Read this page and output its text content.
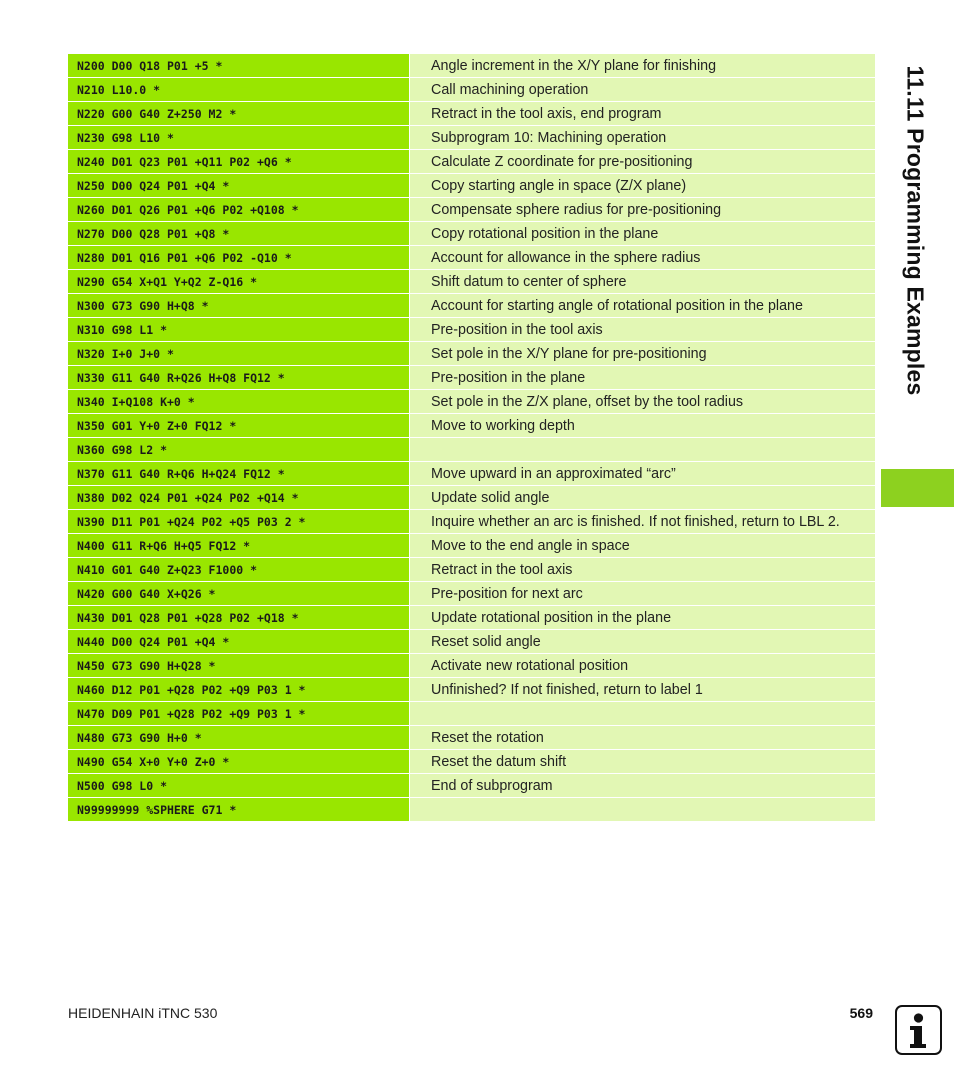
N200 D00 Q18 P01 +5 *	Angle increment in the X/Y plane for finishing
N210 L10.0 *	Call machining operation
N220 G00 G40 Z+250 M2 *	Retract in the tool axis, end program
N230 G98 L10 *	Subprogram 10: Machining operation
N240 D01 Q23 P01 +Q11 P02 +Q6 *	Calculate Z coordinate for pre-positioning
N250 D00 Q24 P01 +Q4 *	Copy starting angle in space (Z/X plane)
N260 D01 Q26 P01 +Q6 P02 +Q108 *	Compensate sphere radius for pre-positioning
N270 D00 Q28 P01 +Q8 *	Copy rotational position in the plane
N280 D01 Q16 P01 +Q6 P02 -Q10 *	Account for allowance in the sphere radius
N290 G54 X+Q1 Y+Q2 Z-Q16 *	Shift datum to center of sphere
N300 G73 G90 H+Q8 *	Account for starting angle of rotational position in the plane
N310 G98 L1 *	Pre-position in the tool axis
N320 I+0 J+0 *	Set pole in the X/Y plane for pre-positioning
N330 G11 G40 R+Q26 H+Q8 FQ12 *	Pre-position in the plane
N340 I+Q108 K+0 *	Set pole in the Z/X plane, offset by the tool radius
N350 G01 Y+0 Z+0 FQ12 *	Move to working depth
N360 G98 L2 *
N370 G11 G40 R+Q6 H+Q24 FQ12 *	Move upward in an approximated “arc”
N380 D02 Q24 P01 +Q24 P02 +Q14 *	Update solid angle
N390 D11 P01 +Q24 P02 +Q5 P03 2 *	Inquire whether an arc is finished. If not finished, return to LBL 2.
N400 G11 R+Q6 H+Q5 FQ12 *	Move to the end angle in space
N410 G01 G40 Z+Q23 F1000 *	Retract in the tool axis
N420 G00 G40 X+Q26 *	Pre-position for next arc
N430 D01 Q28 P01 +Q28 P02 +Q18 *	Update rotational position in the plane
N440 D00 Q24 P01 +Q4 *	Reset solid angle
N450 G73 G90 H+Q28 *	Activate new rotational position
N460 D12 P01 +Q28 P02 +Q9 P03 1 *	Unfinished? If not finished, return to label 1
N470 D09 P01 +Q28 P02 +Q9 P03 1 *
N480 G73 G90 H+0 *	Reset the rotation
N490 G54 X+0 Y+0 Z+0 *	Reset the datum shift
N500 G98 L0 *	End of subprogram
N99999999 %SPHERE G71 *
11.11 Programming Examples
HEIDENHAIN iTNC 530	569
